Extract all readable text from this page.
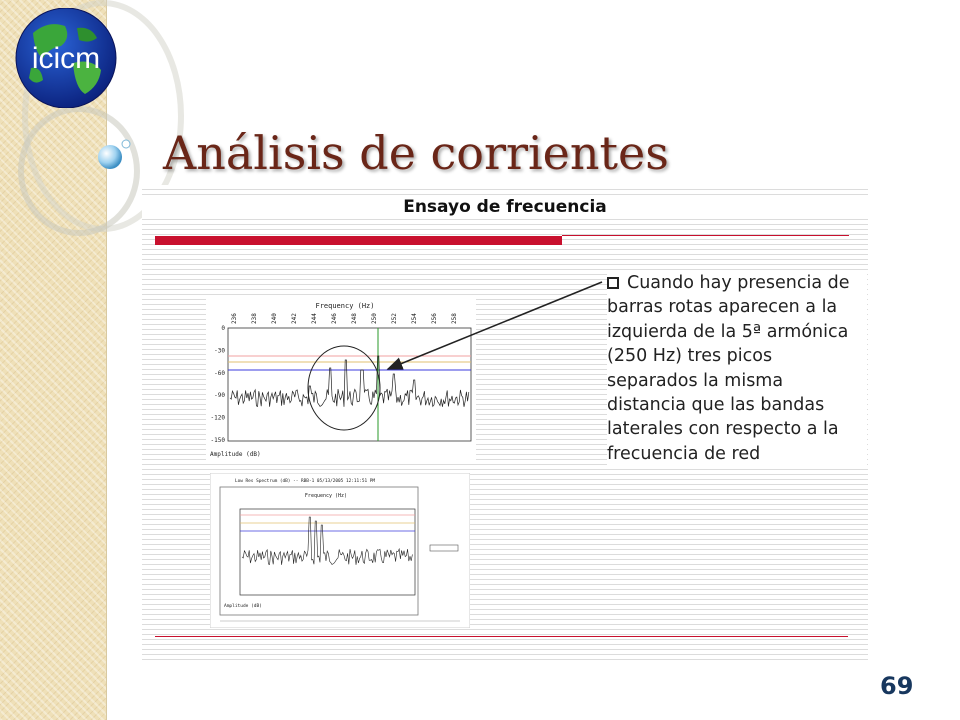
icicm
Análisis de corrientes
Ensayo de frecuencia
Cuando hay presencia de barras rotas aparecen a la izquierda de la 5ª armónica (250 Hz) tres picos separados la misma distancia que las bandas laterales con respecto a la frecuencia de red
Frequency (Hz)
236 238 240 242 244 246 248 250 252 254 256 258
0
-30
-60
-90
-120
-150
Amplitude (dB)
Low Res Spectrum (dB) -- RBB-1 05/13/2005 12:11:51 PM
Frequency (Hz)
Amplitude (dB)
69
